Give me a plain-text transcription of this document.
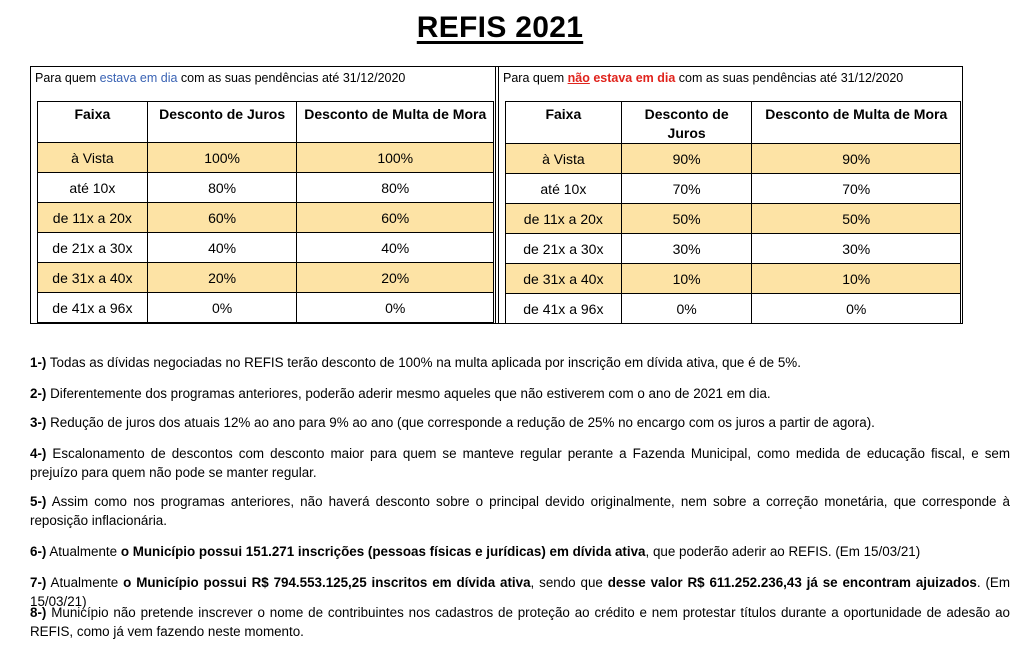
REFIS 2021
Para quem estava em dia com as suas pendências até 31/12/2020
Faixa	Desconto de Juros	Desconto de Multa de Mora
à Vista	100%	100%
até 10x	80%	80%
de 11x a 20x	60%	60%
de 21x a 30x	40%	40%
de 31x a 40x	20%	20%
de 41x a 96x	0%	0%
Para quem não estava em dia com as suas pendências até 31/12/2020
Faixa	Desconto de Juros	Desconto de Multa de Mora
à Vista	90%	90%
até 10x	70%	70%
de 11x a 20x	50%	50%
de 21x a 30x	30%	30%
de 31x a 40x	10%	10%
de 41x a 96x	0%	0%
1-) Todas as dívidas negociadas no REFIS terão desconto de 100% na multa aplicada por inscrição em dívida ativa, que é de 5%.
2-) Diferentemente dos programas anteriores, poderão aderir mesmo aqueles que não estiverem com o ano de 2021 em dia.
3-) Redução de juros dos atuais 12% ao ano para 9% ao ano (que corresponde a redução de 25% no encargo com os juros a partir de agora).
4-) Escalonamento de descontos com desconto maior para quem se manteve regular perante a Fazenda Municipal, como medida de educação fiscal, e sem prejuízo para quem não pode se manter regular.
5-) Assim como nos programas anteriores, não haverá desconto sobre o principal devido originalmente, nem sobre a correção monetária, que corresponde à reposição inflacionária.
6-) Atualmente o Município possui 151.271 inscrições (pessoas físicas e jurídicas) em dívida ativa, que poderão aderir ao REFIS. (Em 15/03/21)
7-) Atualmente o Município possui R$ 794.553.125,25 inscritos em dívida ativa, sendo que desse valor R$ 611.252.236,43 já se encontram ajuizados. (Em 15/03/21)
8-) Município não pretende inscrever o nome de contribuintes nos cadastros de proteção ao crédito e nem protestar títulos durante a oportunidade de adesão ao REFIS, como já vem fazendo neste momento.
